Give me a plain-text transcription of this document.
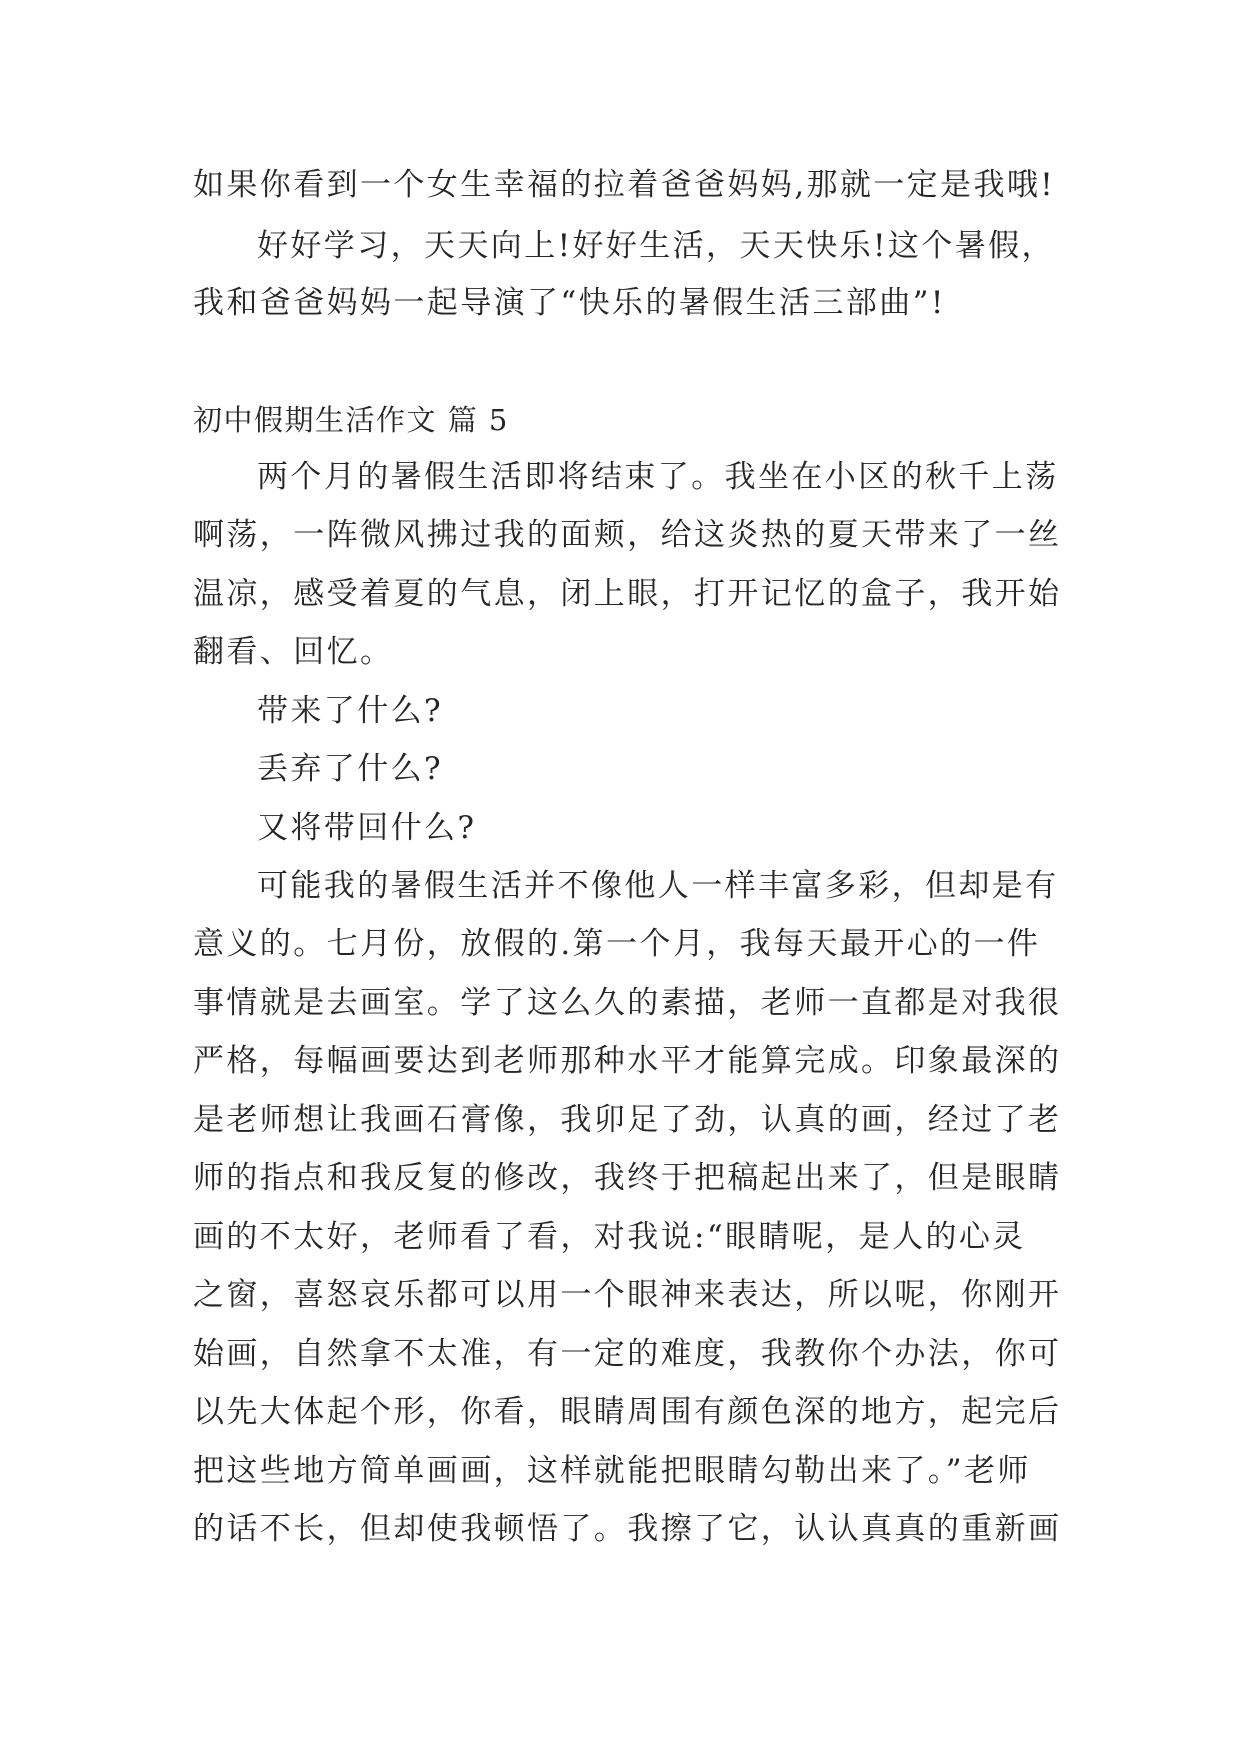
如果你看到一个女生幸福的拉着爸爸妈妈,那就一定是我哦!
好好学习，天天向上!好好生活，天天快乐!这个暑假，
我和爸爸妈妈一起导演了“快乐的暑假生活三部曲”!
初中假期生活作文 篇 5
两个月的暑假生活即将结束了。我坐在小区的秋千上荡
啊荡，一阵微风拂过我的面颊，给这炎热的夏天带来了一丝
温凉，感受着夏的气息，闭上眼，打开记忆的盒子，我开始
翻看、回忆。
带来了什么?
丢弃了什么?
又将带回什么?
可能我的暑假生活并不像他人一样丰富多彩，但却是有
意义的。七月份，放假的.第一个月，我每天最开心的一件
事情就是去画室。学了这么久的素描，老师一直都是对我很
严格，每幅画要达到老师那种水平才能算完成。印象最深的
是老师想让我画石膏像，我卯足了劲，认真的画，经过了老
师的指点和我反复的修改，我终于把稿起出来了，但是眼睛
画的不太好，老师看了看，对我说:“眼睛呢，是人的心灵
之窗，喜怒哀乐都可以用一个眼神来表达，所以呢，你刚开
始画，自然拿不太准，有一定的难度，我教你个办法，你可
以先大体起个形，你看，眼睛周围有颜色深的地方，起完后
把这些地方简单画画，这样就能把眼睛勾勒出来了。”老师
的话不长，但却使我顿悟了。我擦了它，认认真真的重新画
